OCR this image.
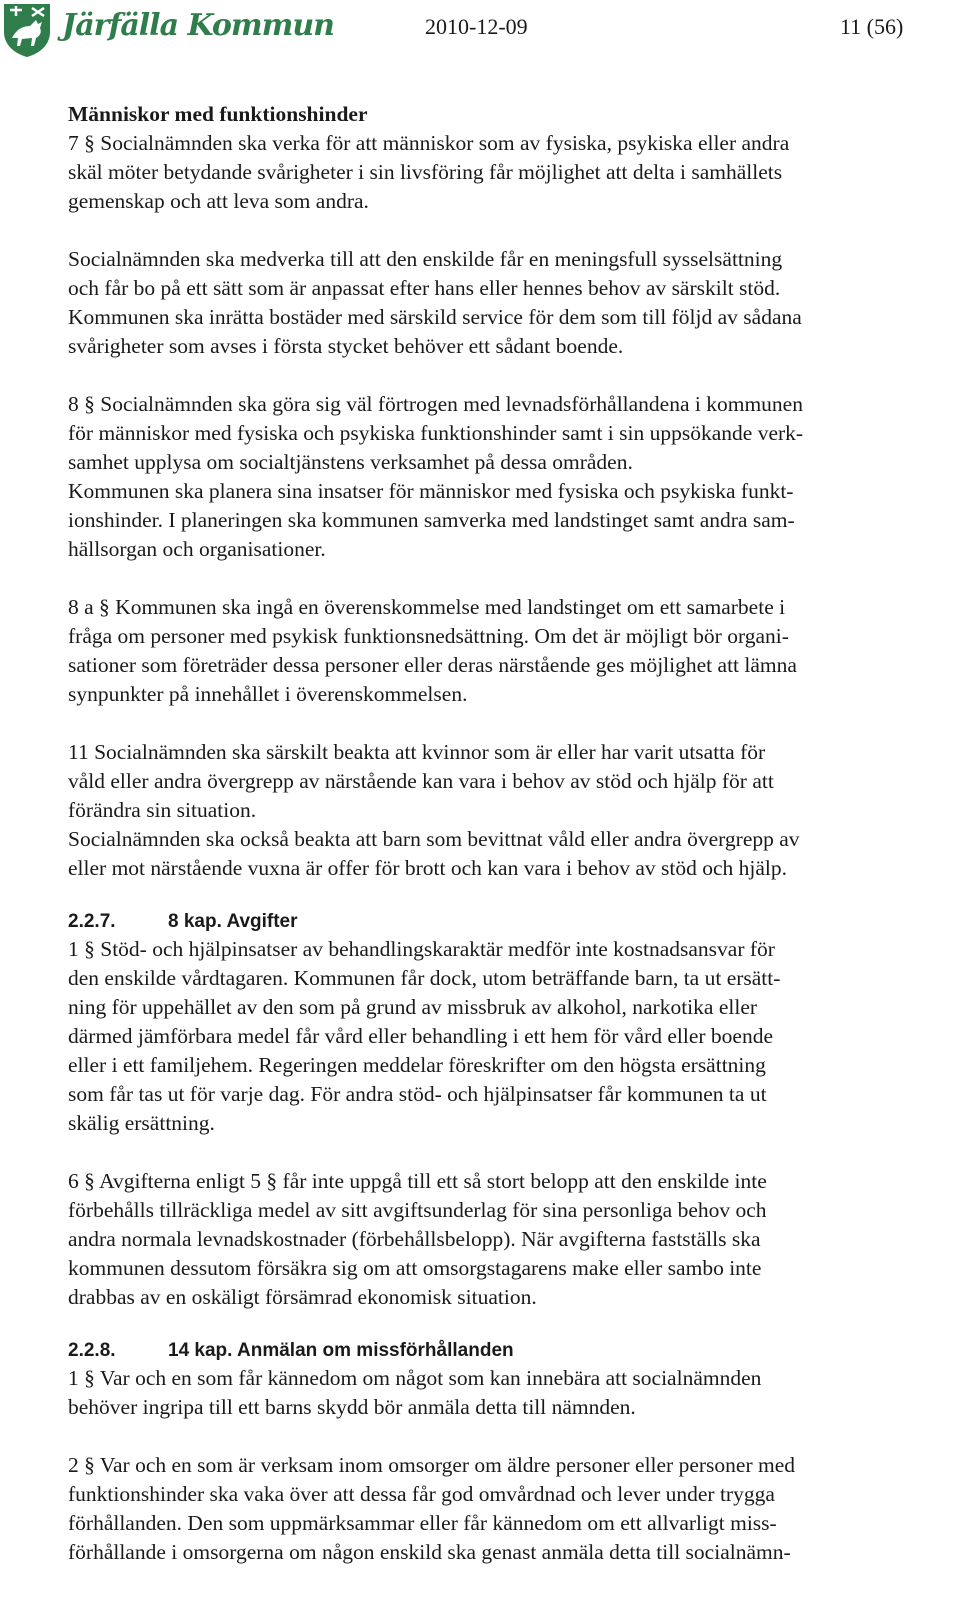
Järfälla Kommun	2010-12-09	11 (56)

Människor med funktionshinder

7 § Socialnämnden ska verka för att människor som av fysiska, psykiska eller andra

skäl möter betydande svårigheter i sin livsföring får möjlighet att delta i samhällets

gemenskap och att leva som andra.

Socialnämnden ska medverka till att den enskilde får en meningsfull sysselsättning

och får bo på ett sätt som är anpassat efter hans eller hennes behov av särskilt stöd.

Kommunen ska inrätta bostäder med särskild service för dem som till följd av sådana

svårigheter som avses i första stycket behöver ett sådant boende.

8 § Socialnämnden ska göra sig väl förtrogen med levnadsförhållandena i kommunen

för människor med fysiska och psykiska funktionshinder samt i sin uppsökande verk-

samhet upplysa om socialtjänstens verksamhet på dessa områden.

Kommunen ska planera sina insatser för människor med fysiska och psykiska funkt-

ionshinder. I planeringen ska kommunen samverka med landstinget samt andra sam-

hällsorgan och organisationer.

8 a § Kommunen ska ingå en överenskommelse med landstinget om ett samarbete i

fråga om personer med psykisk funktionsnedsättning. Om det är möjligt bör organi-

sationer som företräder dessa personer eller deras närstående ges möjlighet att lämna

synpunkter på innehållet i överenskommelsen.

11 Socialnämnden ska särskilt beakta att kvinnor som är eller har varit utsatta för

våld eller andra övergrepp av närstående kan vara i behov av stöd och hjälp för att

förändra sin situation.

Socialnämnden ska också beakta att barn som bevittnat våld eller andra övergrepp av

eller mot närstående vuxna är offer för brott och kan vara i behov av stöd och hjälp.

2.2.7.	8 kap. Avgifter

1 § Stöd- och hjälpinsatser av behandlingskaraktär medför inte kostnadsansvar för

den enskilde vårdtagaren. Kommunen får dock, utom beträffande barn, ta ut ersätt-

ning för uppehället av den som på grund av missbruk av alkohol, narkotika eller

därmed jämförbara medel får vård eller behandling i ett hem för vård eller boende

eller i ett familjehem. Regeringen meddelar föreskrifter om den högsta ersättning

som får tas ut för varje dag. För andra stöd- och hjälpinsatser får kommunen ta ut

skälig ersättning.

6 § Avgifterna enligt 5 § får inte uppgå till ett så stort belopp att den enskilde inte

förbehålls tillräckliga medel av sitt avgiftsunderlag för sina personliga behov och

andra normala levnadskostnader (förbehållsbelopp). När avgifterna fastställs ska

kommunen dessutom försäkra sig om att omsorgstagarens make eller sambo inte

drabbas av en oskäligt försämrad ekonomisk situation.

2.2.8.	14 kap. Anmälan om missförhållanden

1 § Var och en som får kännedom om något som kan innebära att socialnämnden

behöver ingripa till ett barns skydd bör anmäla detta till nämnden.

2 § Var och en som är verksam inom omsorger om äldre personer eller personer med

funktionshinder ska vaka över att dessa får god omvårdnad och lever under trygga

förhållanden. Den som uppmärksammar eller får kännedom om ett allvarligt miss-

förhållande i omsorgerna om någon enskild ska genast anmäla detta till socialnämn-
